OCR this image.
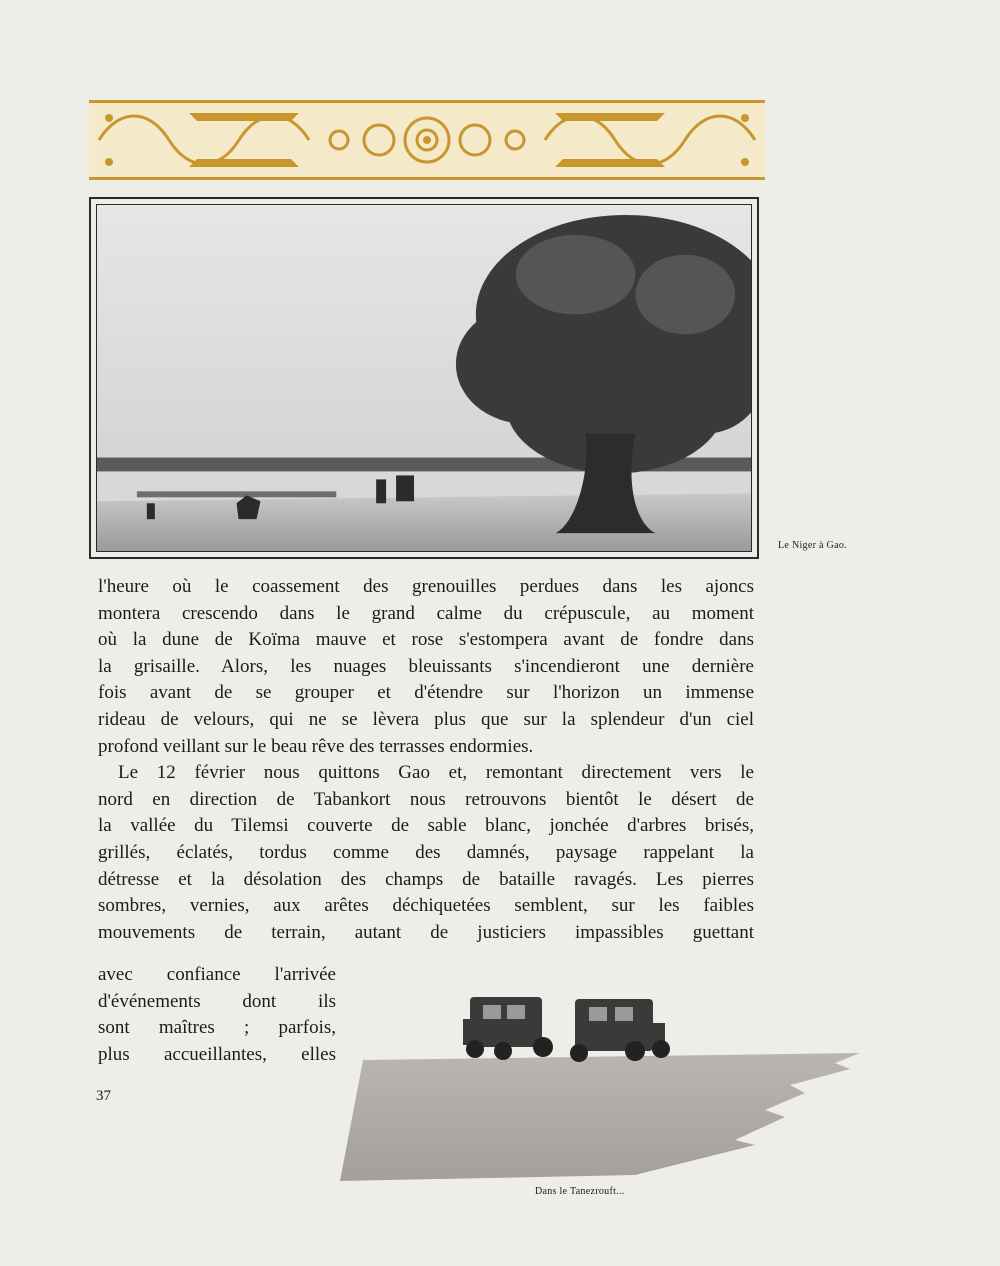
Le Niger à Gao.
l'heure où le coassement des grenouilles perdues dans les ajoncs
montera crescendo dans le grand calme du crépuscule, au moment
où la dune de Koïma mauve et rose s'estompera avant de fondre dans
la grisaille. Alors, les nuages bleuissants s'incendieront une dernière
fois avant de se grouper et d'étendre sur l'horizon un immense
rideau de velours, qui ne se lèvera plus que sur la splendeur d'un ciel
profond veillant sur le beau rêve des terrasses endormies.
Le 12 février nous quittons Gao et, remontant directement vers le
nord en direction de Tabankort nous retrouvons bientôt le désert de
la vallée du Tilemsi couverte de sable blanc, jonchée d'arbres brisés,
grillés, éclatés, tordus comme des damnés, paysage rappelant la
détresse et la désolation des champs de bataille ravagés. Les pierres
sombres, vernies, aux arêtes déchiquetées semblent, sur les faibles
mouvements de terrain, autant de justiciers impassibles guettant
avec confiance l'arrivée
d'événements dont ils
sont maîtres ; parfois,
plus accueillantes, elles
37
Dans le Tanezrouft...
